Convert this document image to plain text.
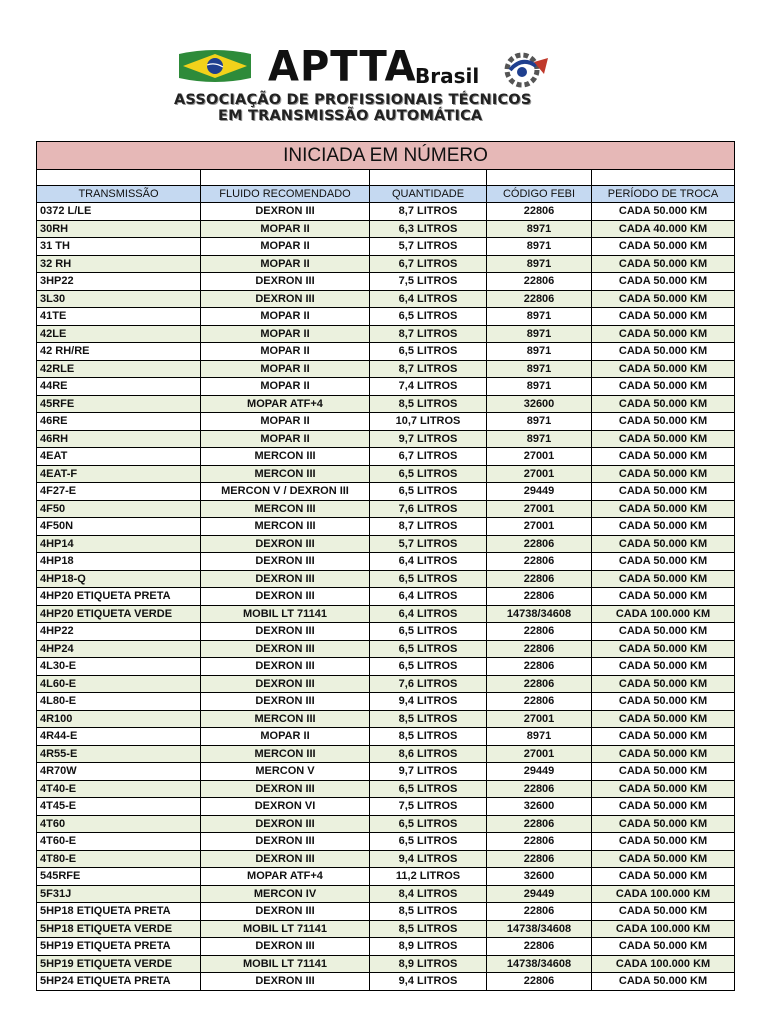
APTTA
Brasil
ASSOCIAÇÃO DE PROFISSIONAIS TÉCNICOS
EM TRANSMISSÃO AUTOMÁTICA
INICIADA EM NÚMERO				

TRANSMISSÃO	FLUIDO RECOMENDADO	QUANTIDADE	CÓDIGO FEBI	PERÍODO DE TROCA
0372 L/LE	DEXRON III	8,7 LITROS	22806	CADA 50.000 KM
30RH	MOPAR II	6,3 LITROS	8971	CADA 40.000 KM
31 TH	MOPAR II	5,7 LITROS	8971	CADA 50.000 KM
32 RH	MOPAR II	6,7 LITROS	8971	CADA 50.000 KM
3HP22	DEXRON III	7,5 LITROS	22806	CADA 50.000 KM
3L30	DEXRON III	6,4 LITROS	22806	CADA 50.000 KM
41TE	MOPAR II	6,5 LITROS	8971	CADA 50.000 KM
42LE	MOPAR II	8,7 LITROS	8971	CADA 50.000 KM
42 RH/RE	MOPAR II	6,5 LITROS	8971	CADA 50.000 KM
42RLE	MOPAR II	8,7 LITROS	8971	CADA 50.000 KM
44RE	MOPAR II	7,4 LITROS	8971	CADA 50.000 KM
45RFE	MOPAR ATF+4	8,5 LITROS	32600	CADA 50.000 KM
46RE	MOPAR II	10,7 LITROS	8971	CADA 50.000 KM
46RH	MOPAR II	9,7 LITROS	8971	CADA 50.000 KM
4EAT	MERCON III	6,7 LITROS	27001	CADA 50.000 KM
4EAT-F	MERCON III	6,5 LITROS	27001	CADA 50.000 KM
4F27-E	MERCON V / DEXRON III	6,5 LITROS	29449	CADA 50.000 KM
4F50	MERCON III	7,6 LITROS	27001	CADA 50.000 KM
4F50N	MERCON III	8,7 LITROS	27001	CADA 50.000 KM
4HP14	DEXRON III	5,7 LITROS	22806	CADA 50.000 KM
4HP18	DEXRON III	6,4 LITROS	22806	CADA 50.000 KM
4HP18-Q	DEXRON III	6,5 LITROS	22806	CADA 50.000 KM
4HP20 ETIQUETA PRETA	DEXRON III	6,4 LITROS	22806	CADA 50.000 KM
4HP20 ETIQUETA VERDE	MOBIL LT 71141	6,4 LITROS	14738/34608	CADA 100.000 KM
4HP22	DEXRON III	6,5 LITROS	22806	CADA 50.000 KM
4HP24	DEXRON III	6,5 LITROS	22806	CADA 50.000 KM
4L30-E	DEXRON III	6,5 LITROS	22806	CADA 50.000 KM
4L60-E	DEXRON III	7,6 LITROS	22806	CADA 50.000 KM
4L80-E	DEXRON III	9,4 LITROS	22806	CADA 50.000 KM
4R100	MERCON III	8,5 LITROS	27001	CADA 50.000 KM
4R44-E	MOPAR II	8,5 LITROS	8971	CADA 50.000 KM
4R55-E	MERCON III	8,6 LITROS	27001	CADA 50.000 KM
4R70W	MERCON V	9,7 LITROS	29449	CADA 50.000 KM
4T40-E	DEXRON III	6,5 LITROS	22806	CADA 50.000 KM
4T45-E	DEXRON VI	7,5 LITROS	32600	CADA 50.000 KM
4T60	DEXRON III	6,5 LITROS	22806	CADA 50.000 KM
4T60-E	DEXRON III	6,5 LITROS	22806	CADA 50.000 KM
4T80-E	DEXRON III	9,4 LITROS	22806	CADA 50.000 KM
545RFE	MOPAR ATF+4	11,2 LITROS	32600	CADA 50.000 KM
5F31J	MERCON IV	8,4 LITROS	29449	CADA 100.000 KM
5HP18 ETIQUETA PRETA	DEXRON III	8,5 LITROS	22806	CADA 50.000 KM
5HP18 ETIQUETA VERDE	MOBIL LT 71141	8,5 LITROS	14738/34608	CADA 100.000 KM
5HP19 ETIQUETA PRETA	DEXRON III	8,9 LITROS	22806	CADA 50.000 KM
5HP19 ETIQUETA VERDE	MOBIL LT 71141	8,9 LITROS	14738/34608	CADA 100.000 KM
5HP24 ETIQUETA PRETA	DEXRON III	9,4 LITROS	22806	CADA 50.000 KM
